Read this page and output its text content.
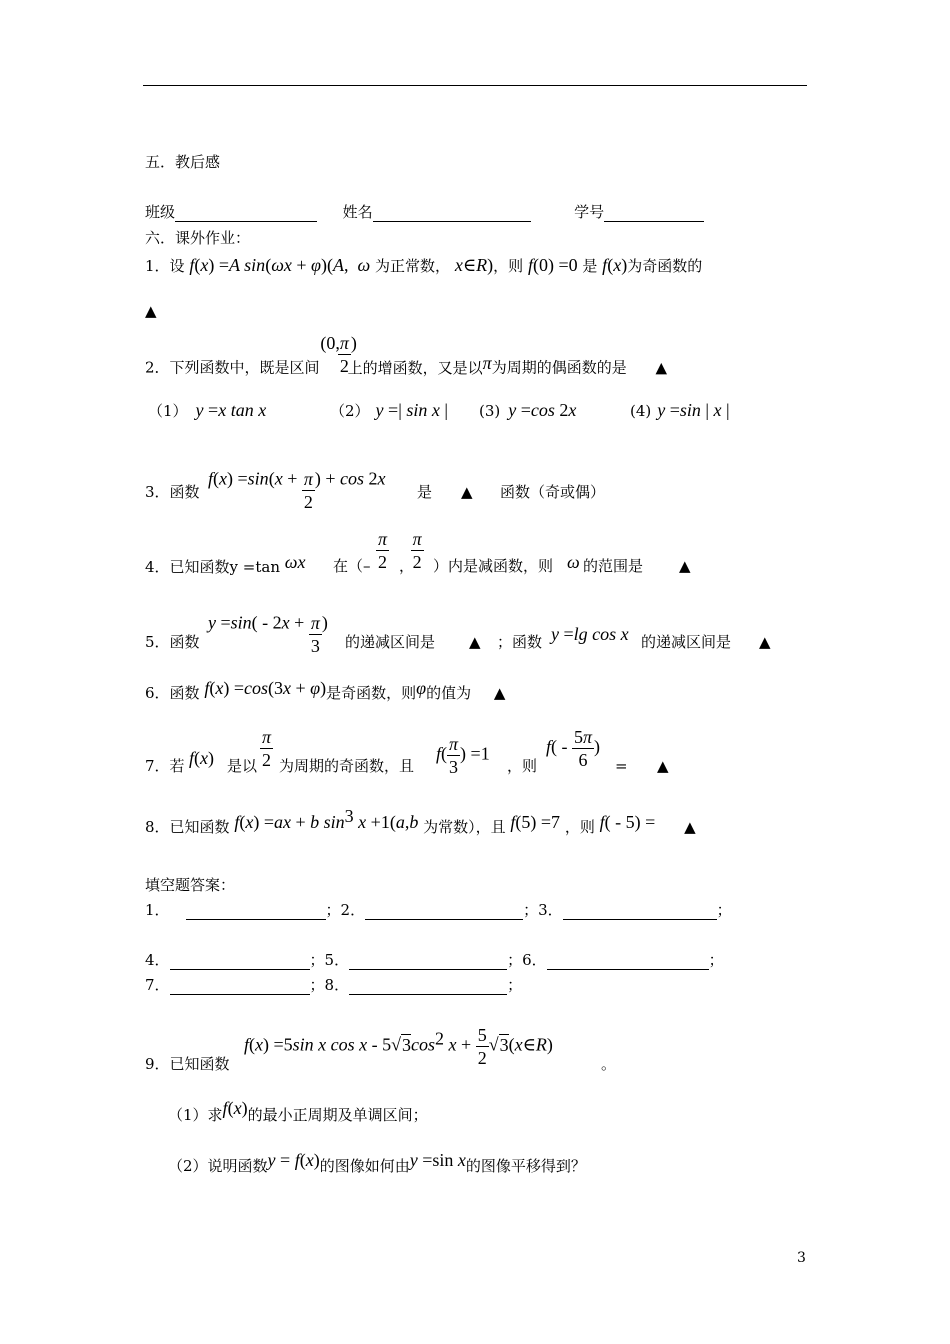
五．教后感
班级	姓名	学号
六．课外作业：
1．设 f(x) =A sin(ωx + φ)(A,  ω 为正常数， x∈R)，则 f(0) =0 是 f(x)为奇函数的
▲
2．下列函数中，既是区间 (0,
$\frac{\pi}{2}$ ) 上的增函数，又是以π为周期的偶函数的是 ▲
（1） y =x tan x	（2） y =| sin x | (3) y =cos 2x	(4) y =sin | x |
$f(x) =\sin(x + \frac{\pi}{2}$ ) + cos 2x
3．函数	是 ▲ 函数（奇或偶）
$\frac{\pi}{2}$
$\frac{\pi}{2}$
4．已知函数y =tan ωx 在（– ， ）内是减函数，则 ω 的范围是 ▲
$y =\sin( - 2x + \frac{\pi}{3}$ )
5．函数	的递减区间是 ▲ ；函数 y =lg cos x 的递减区间是 ▲
6．函数 f(x) =cos(3x + φ)是奇函数，则φ的值为 ▲
$\frac{\pi}{2}$	$f( \frac{\pi}{3}$ ) =1	$f( - \frac{5\pi}{6}$ )
7．若 f(x) 是以 为周期的奇函数，且	，则	= ▲
8．已知函数 f(x) =ax + b $\sin^3 x +1(a,b$ 为常数），且 f(5) =7 ，则 f( - 5) = ▲
填空题答案：
1．	；2．	；3．	；
4．	；5．	；6．	；
7．	；8．	；
f(x) =5sin x cos x - $5√3\cos^2$ $x + \frac{5}{2}$ √3(x∈R)
9．已知函数	。
（1）求f(x)的最小正周期及单调区间；
（2）说明函数y = f(x)的图像如何由y =sin x的图像平移得到？
3
